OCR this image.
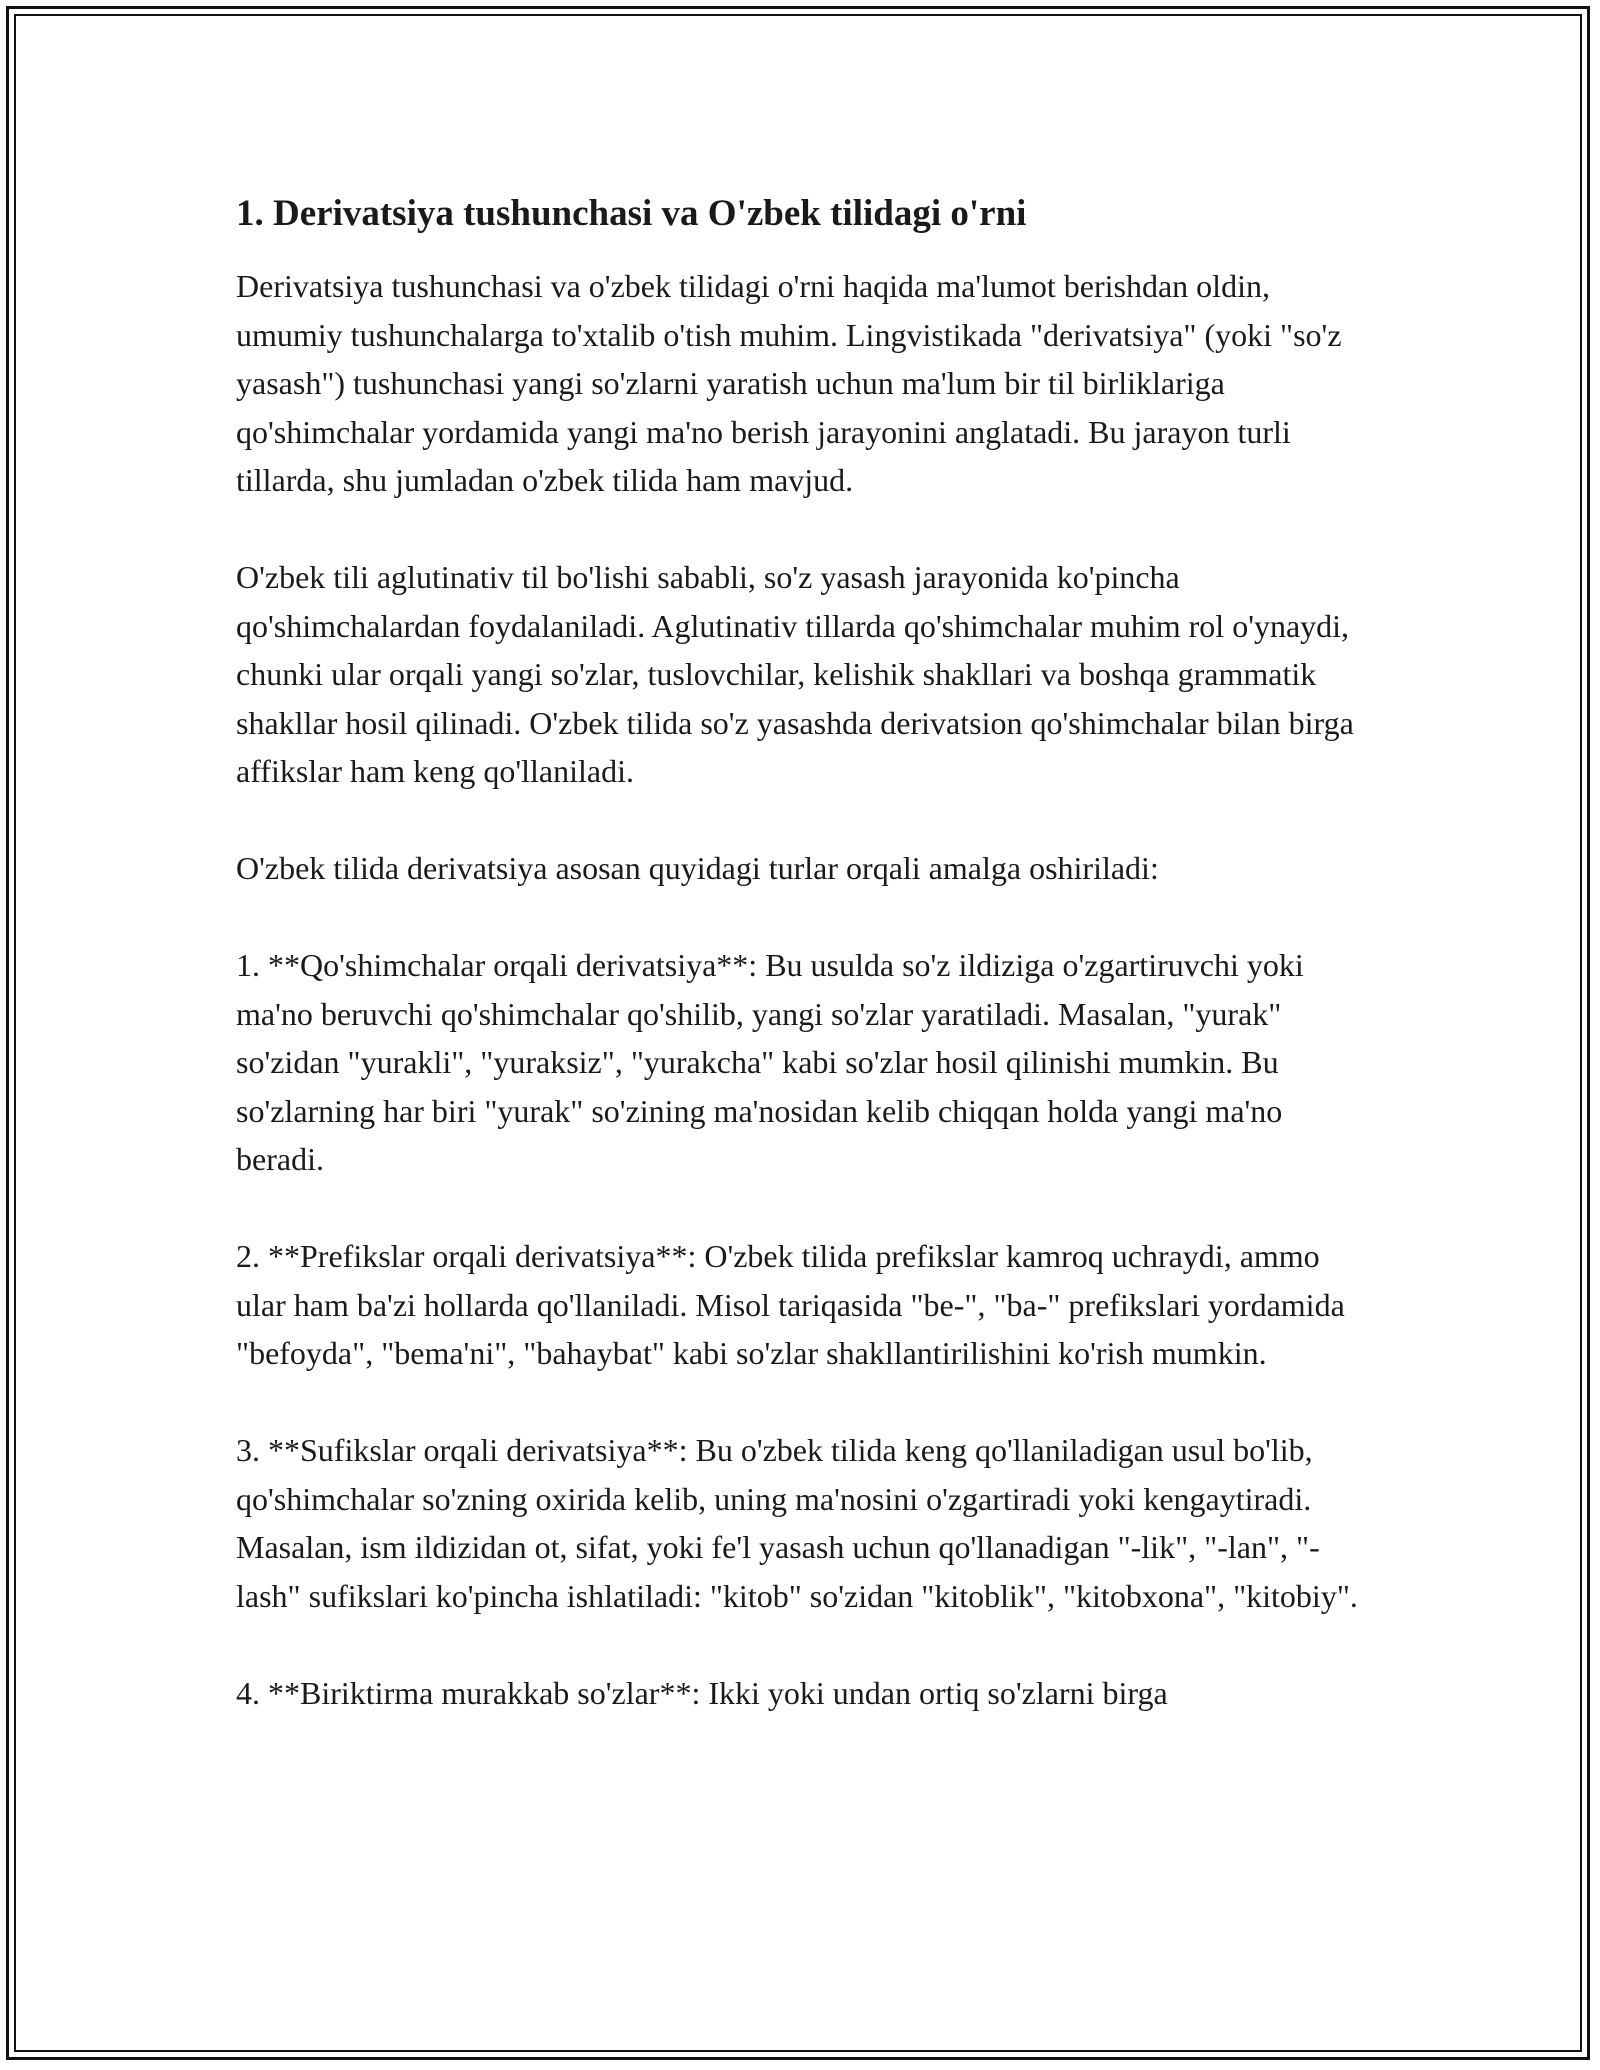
1. Derivatsiya tushunchasi va O'zbek tilidagi o'rni

Derivatsiya tushunchasi va o'zbek tilidagi o'rni haqida ma'lumot berishdan oldin, umumiy tushunchalarga to'xtalib o'tish muhim. Lingvistikada "derivatsiya" (yoki "so'z yasash") tushunchasi yangi so'zlarni yaratish uchun ma'lum bir til birliklariga qo'shimchalar yordamida yangi ma'no berish jarayonini anglatadi. Bu jarayon turli tillarda, shu jumladan o'zbek tilida ham mavjud.

O'zbek tili aglutinativ til bo'lishi sababli, so'z yasash jarayonida ko'pincha qo'shimchalardan foydalaniladi. Aglutinativ tillarda qo'shimchalar muhim rol o'ynaydi, chunki ular orqali yangi so'zlar, tuslovchilar, kelishik shakllari va boshqa grammatik shakllar hosil qilinadi. O'zbek tilida so'z yasashda derivatsion qo'shimchalar bilan birga affikslar ham keng qo'llaniladi.

O'zbek tilida derivatsiya asosan quyidagi turlar orqali amalga oshiriladi:

1. **Qo'shimchalar orqali derivatsiya**: Bu usulda so'z ildiziga o'zgartiruvchi yoki ma'no beruvchi qo'shimchalar qo'shilib, yangi so'zlar yaratiladi. Masalan, "yurak" so'zidan "yurakli", "yuraksiz", "yurakcha" kabi so'zlar hosil qilinishi mumkin. Bu so'zlarning har biri "yurak" so'zining ma'nosidan kelib chiqqan holda yangi ma'no beradi.

2. **Prefikslar orqali derivatsiya**: O'zbek tilida prefikslar kamroq uchraydi, ammo ular ham ba'zi hollarda qo'llaniladi. Misol tariqasida "be-", "ba-" prefikslari yordamida "befoyda", "bema'ni", "bahaybat" kabi so'zlar shakllantirilishini ko'rish mumkin.

3. **Sufikslar orqali derivatsiya**: Bu o'zbek tilida keng qo'llaniladigan usul bo'lib, qo'shimchalar so'zning oxirida kelib, uning ma'nosini o'zgartiradi yoki kengaytiradi. Masalan, ism ildizidan ot, sifat, yoki fe'l yasash uchun qo'llanadigan "-lik", "-lan", "-lash" sufikslari ko'pincha ishlatiladi: "kitob" so'zidan "kitoblik", "kitobxona", "kitobiy".

4. **Biriktirma murakkab so'zlar**: Ikki yoki undan ortiq so'zlarni birga
